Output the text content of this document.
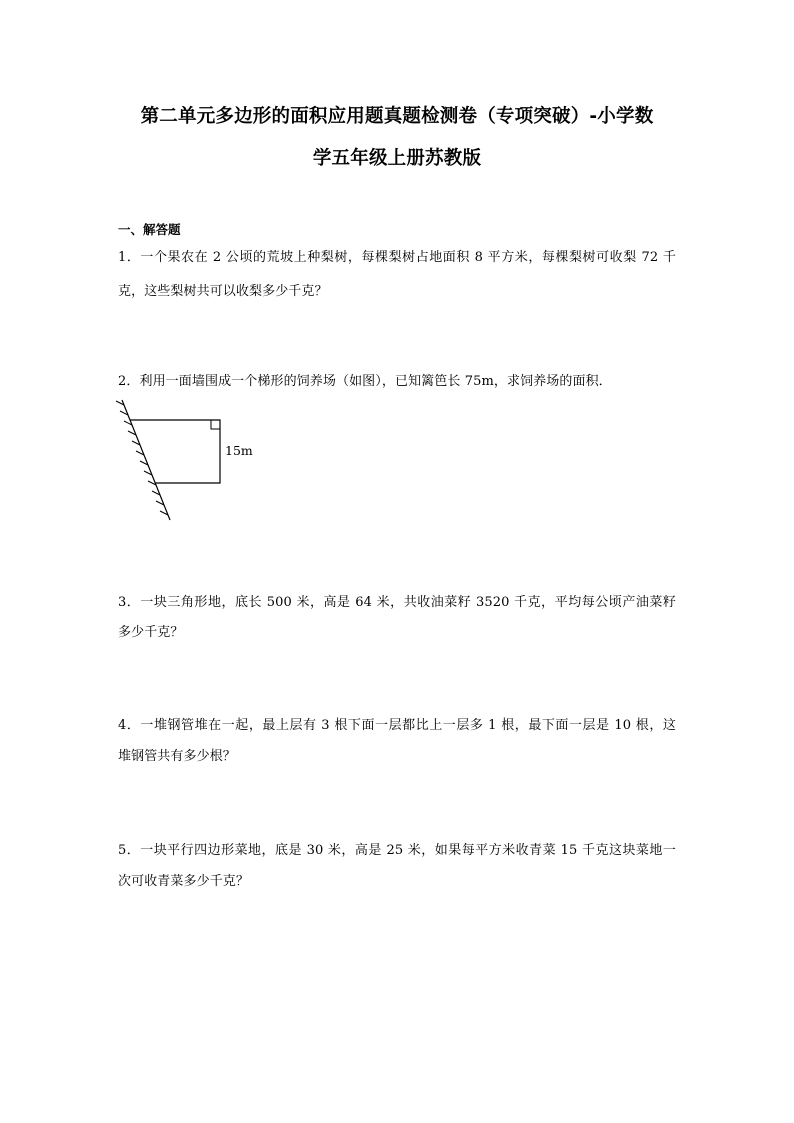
第二单元多边形的面积应用题真题检测卷（专项突破）-小学数
学五年级上册苏教版
一、解答题
1．一个果农在 2 公顷的荒坡上种梨树，每棵梨树占地面积 8 平方米，每棵梨树可收梨 72 千
克，这些梨树共可以收梨多少千克？
2．利用一面墙围成一个梯形的饲养场（如图），已知篱笆长 75m，求饲养场的面积．
15m
3．一块三角形地，底长 500 米，高是 64 米，共收油菜籽 3520 千克，平均每公顷产油菜籽
多少千克？
4．一堆钢管堆在一起，最上层有 3 根下面一层都比上一层多 1 根，最下面一层是 10 根，这
堆钢管共有多少根？
5．一块平行四边形菜地，底是 30 米，高是 25 米，如果每平方米收青菜 15 千克这块菜地一
次可收青菜多少千克？
